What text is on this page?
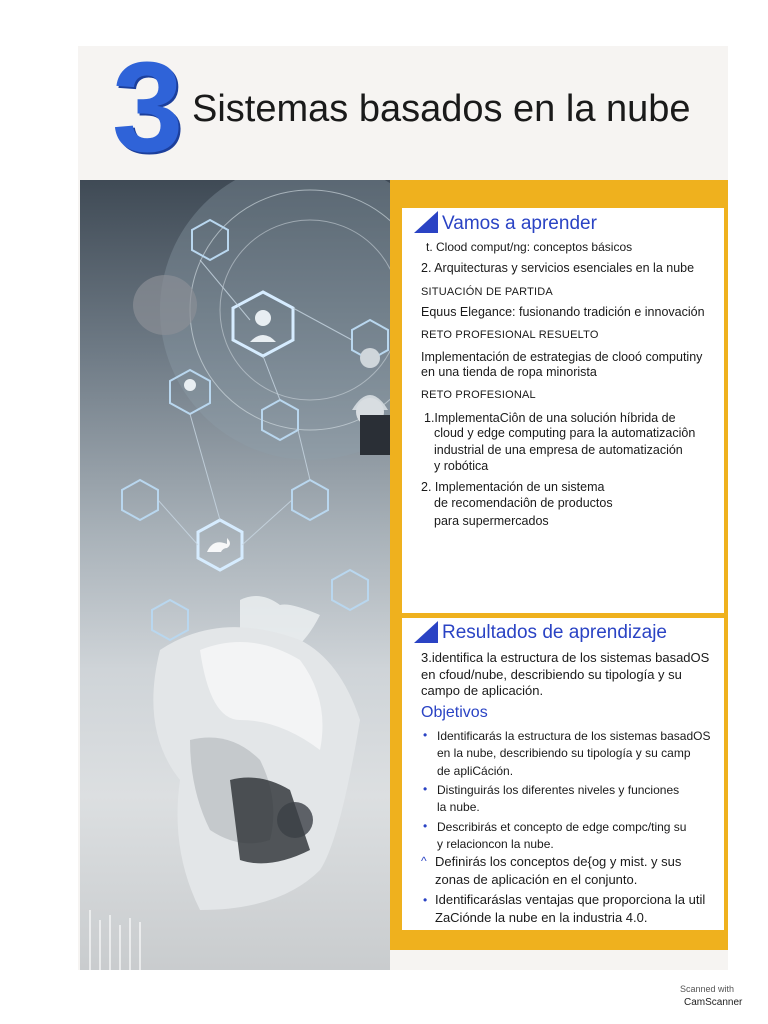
3 Sistemas basados en la nube
Vamos a aprender
t. Clood comput/ng: conceptos básicos
2. Arquitecturas y servicios esenciales en la nube
SITUACIÓN DE PARTIDA
Equus Elegance: fusionando tradición e innovación
RETO PROFESIONAL RESUELTO
Implementación de estrategias de clooó computiny
en una tienda de ropa minorista
RETO PROFESIONAL
1.ImplementaCiôn de una solución híbrida de
cloud y edge computing para la automatizaciôn
industrial de una empresa de automatización
y robótica
2. Implementación de un sistema
de recomendaciôn de productos
para supermercados
Resultados de aprendizaje
3.identifica la estructura de los sistemas basadOS
en cfoud/nube, describiendo su tipología y su
campo de aplicación.
Objetivos
• Identificarás la estructura de los sistemas basadOS
en la nube, describiendo su tipología y su camp
de apliCáción.
• Distinguirás los diferentes niveles y funciones
la nube.
• Describirás et concepto de edge compc/ting su
y relacioncon la nube.
^ Definirás los conceptos de{og y mist. y sus
zonas de aplicación en el conjunto.
• Identificaráslas ventajas que proporciona la util
ZaCiónde la nube en la industria 4.0.
Scanned with
CamScanner
